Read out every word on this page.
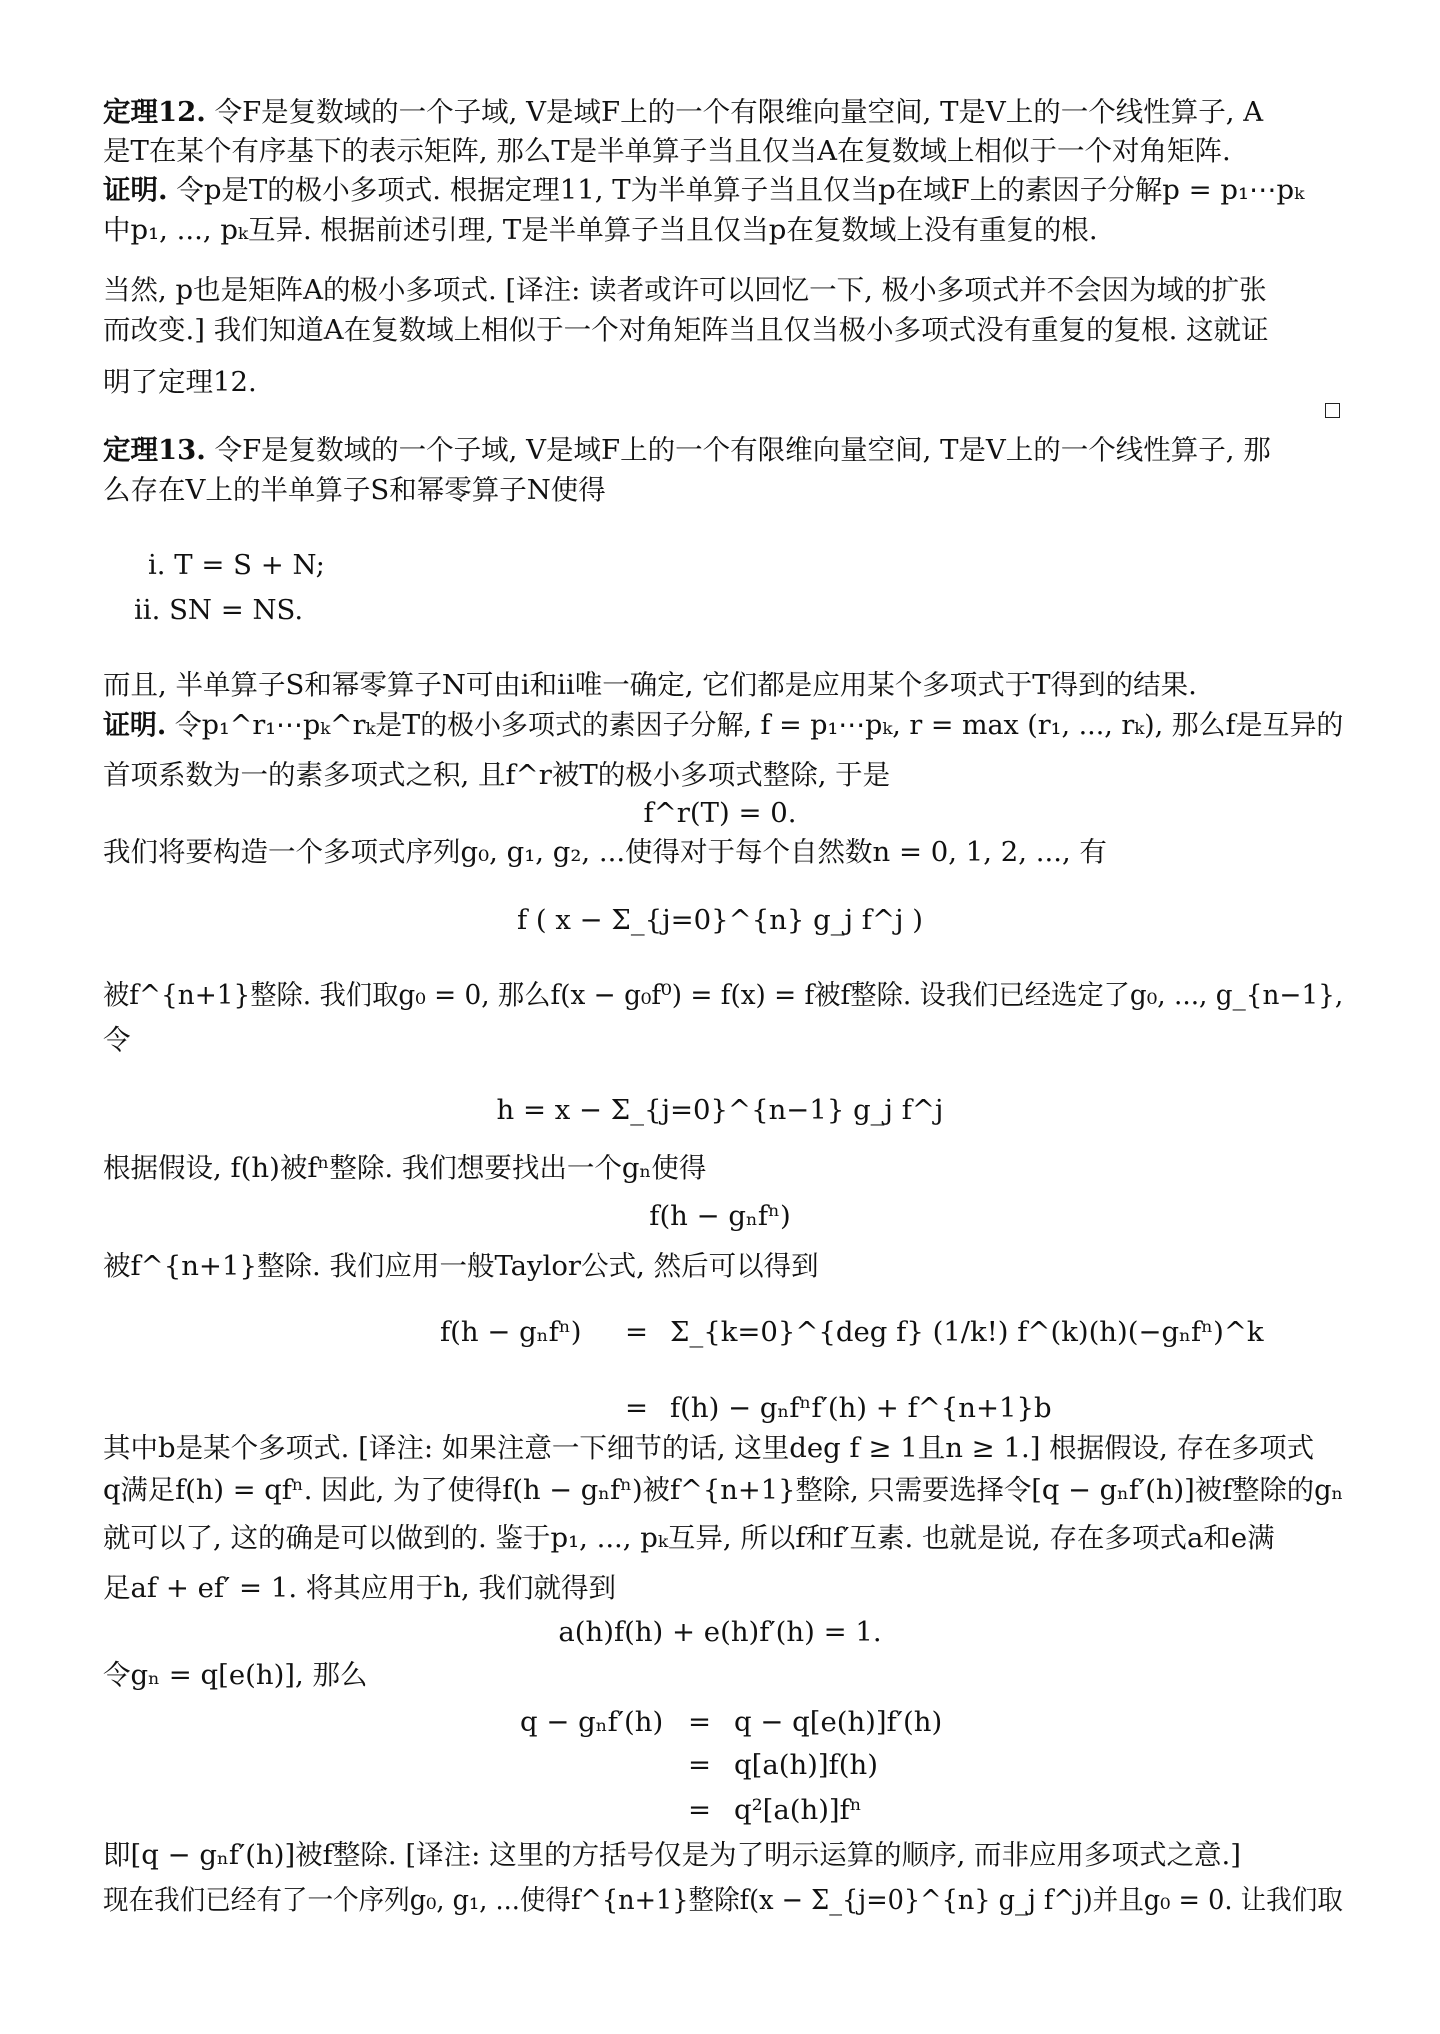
定理12. 令F是复数域的一个子域, V是域F上的一个有限维向量空间, T是V上的一个线性算子, A
是T在某个有序基下的表示矩阵, 那么T是半单算子当且仅当A在复数域上相似于一个对角矩阵.
证明. 令p是T的极小多项式. 根据定理11, T为半单算子当且仅当p在域F上的素因子分解p = p₁⋯pₖ
中p₁, ..., pₖ互异. 根据前述引理, T是半单算子当且仅当p在复数域上没有重复的根.
当然, p也是矩阵A的极小多项式. [译注: 读者或许可以回忆一下, 极小多项式并不会因为域的扩张
而改变.] 我们知道A在复数域上相似于一个对角矩阵当且仅当极小多项式没有重复的复根. 这就证
明了定理12.
定理13. 令F是复数域的一个子域, V是域F上的一个有限维向量空间, T是V上的一个线性算子, 那
么存在V上的半单算子S和幂零算子N使得
i. T = S + N;
ii. SN = NS.
而且, 半单算子S和幂零算子N可由i和ii唯一确定, 它们都是应用某个多项式于T得到的结果.
证明. 令p₁^r₁⋯pₖ^rₖ是T的极小多项式的素因子分解, f = p₁⋯pₖ, r = max (r₁, ..., rₖ), 那么f是互异的
首项系数为一的素多项式之积, 且f^r被T的极小多项式整除, 于是
f^r(T) = 0.
我们将要构造一个多项式序列g₀, g₁, g₂, ...使得对于每个自然数n = 0, 1, 2, ..., 有
f ( x − Σ_{j=0}^{n} g_j f^j )
被f^{n+1}整除. 我们取g₀ = 0, 那么f(x − g₀f⁰) = f(x) = f被f整除. 设我们已经选定了g₀, ..., g_{n−1},
令
h = x − Σ_{j=0}^{n−1} g_j f^j
根据假设, f(h)被fⁿ整除. 我们想要找出一个gₙ使得
f(h − gₙfⁿ)
被f^{n+1}整除. 我们应用一般Taylor公式, 然后可以得到
f(h − gₙfⁿ) = Σ_{k=0}^{deg f} (1/k!) f^(k)(h)(−gₙfⁿ)^k
= f(h) − gₙfⁿf′(h) + f^{n+1}b
其中b是某个多项式. [译注: 如果注意一下细节的话, 这里deg f ≥ 1且n ≥ 1.] 根据假设, 存在多项式
q满足f(h) = qfⁿ. 因此, 为了使得f(h − gₙfⁿ)被f^{n+1}整除, 只需要选择令[q − gₙf′(h)]被f整除的gₙ
就可以了, 这的确是可以做到的. 鉴于p₁, ..., pₖ互异, 所以f和f′互素. 也就是说, 存在多项式a和e满
足af + ef′ = 1. 将其应用于h, 我们就得到
a(h)f(h) + e(h)f′(h) = 1.
令gₙ = q[e(h)], 那么
q − gₙf′(h) = q − q[e(h)]f′(h)
= q[a(h)]f(h)
= q²[a(h)]fⁿ
即[q − gₙf′(h)]被f整除. [译注: 这里的方括号仅是为了明示运算的顺序, 而非应用多项式之意.]
现在我们已经有了一个序列g₀, g₁, ...使得f^{n+1}整除f(x − Σ_{j=0}^{n} g_j f^j)并且g₀ = 0. 让我们取
